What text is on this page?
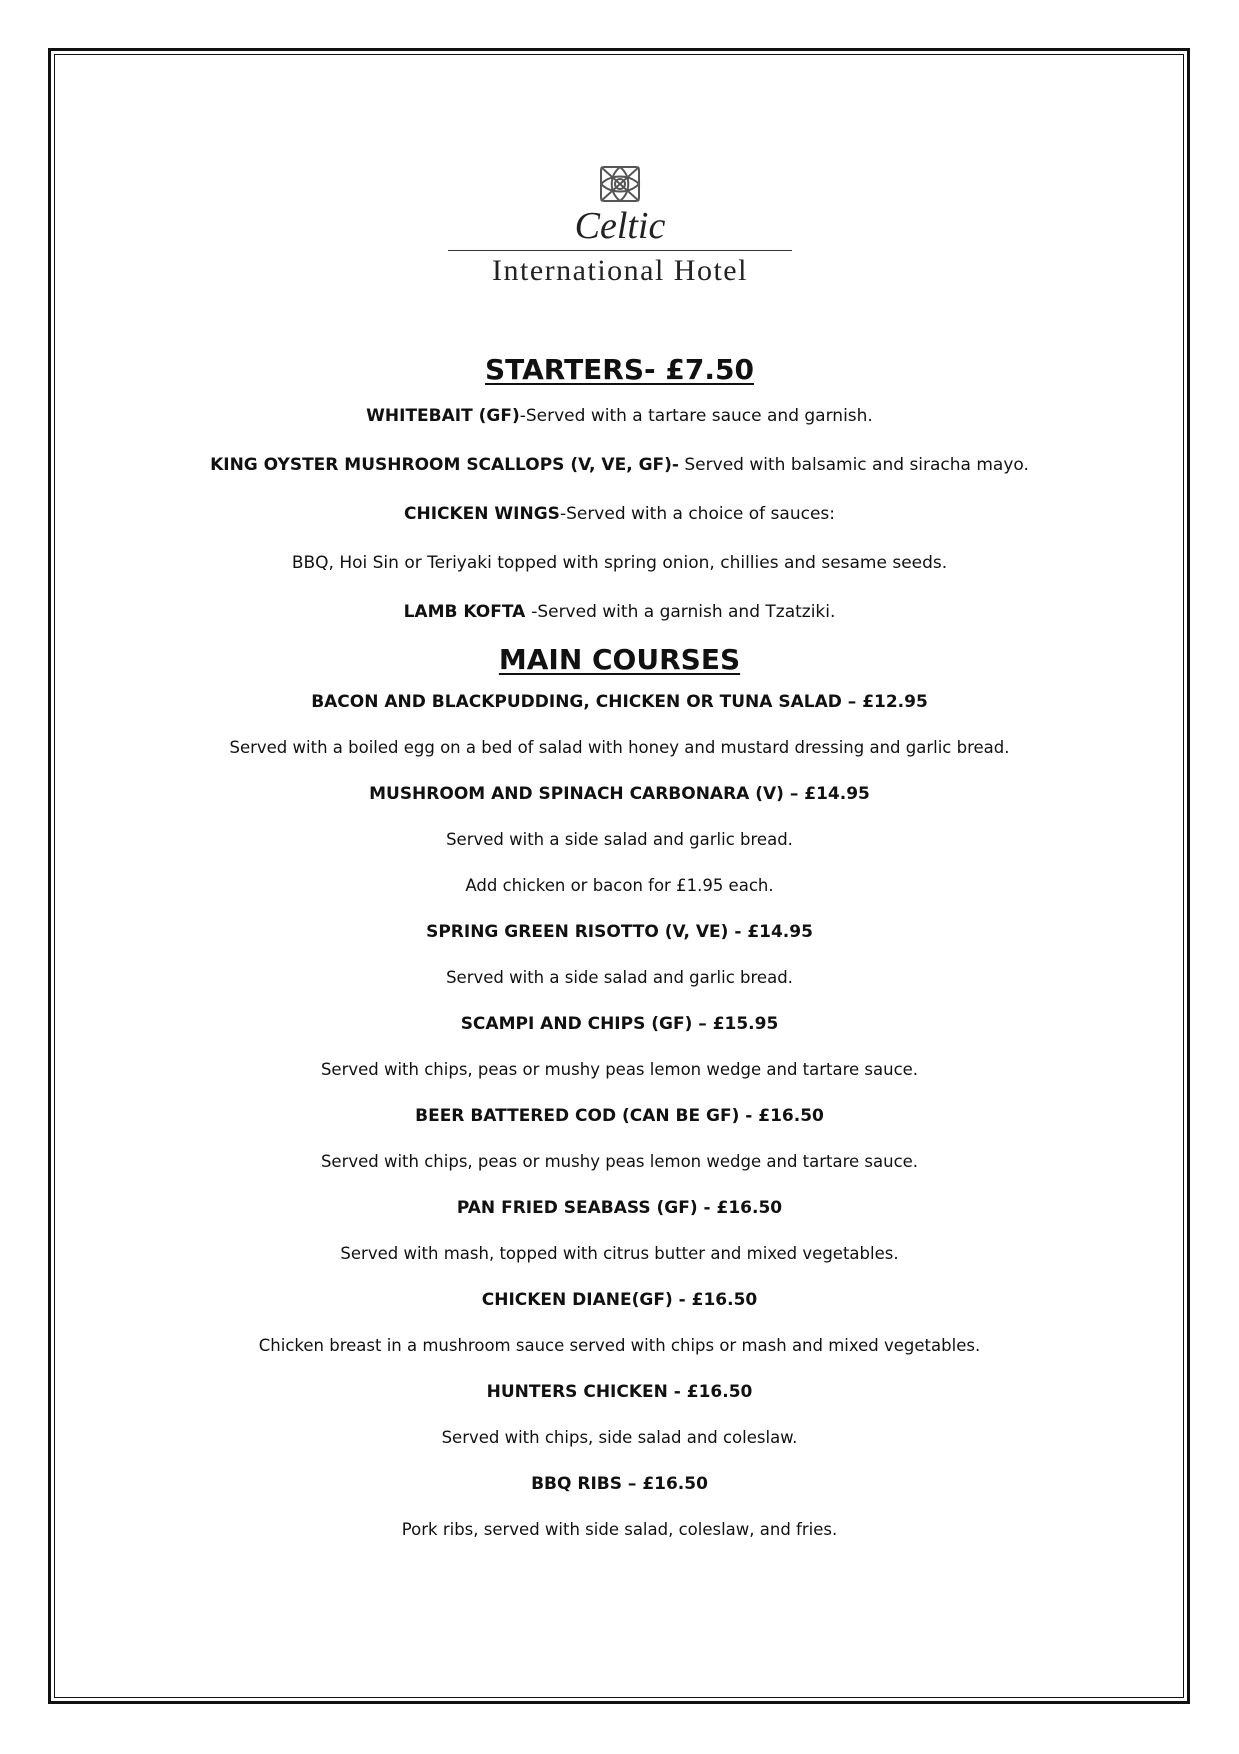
Celtic
International Hotel
STARTERS- £7.50

WHITEBAIT (GF)-Served with a tartare sauce and garnish.

KING OYSTER MUSHROOM SCALLOPS (V, VE, GF)- Served with balsamic and siracha mayo.

CHICKEN WINGS-Served with a choice of sauces:

BBQ, Hoi Sin or Teriyaki topped with spring onion, chillies and sesame seeds.

LAMB KOFTA -Served with a garnish and Tzatziki.

MAIN COURSES

BACON AND BLACKPUDDING, CHICKEN OR TUNA SALAD – £12.95

Served with a boiled egg on a bed of salad with honey and mustard dressing and garlic bread.

MUSHROOM AND SPINACH CARBONARA (V) – £14.95

Served with a side salad and garlic bread.

Add chicken or bacon for £1.95 each.

SPRING GREEN RISOTTO (V, VE) - £14.95

Served with a side salad and garlic bread.

SCAMPI AND CHIPS (GF) – £15.95

Served with chips, peas or mushy peas lemon wedge and tartare sauce.

BEER BATTERED COD (CAN BE GF) - £16.50

Served with chips, peas or mushy peas lemon wedge and tartare sauce.

PAN FRIED SEABASS (GF) - £16.50

Served with mash, topped with citrus butter and mixed vegetables.

CHICKEN DIANE(GF) - £16.50

Chicken breast in a mushroom sauce served with chips or mash and mixed vegetables.

HUNTERS CHICKEN - £16.50

Served with chips, side salad and coleslaw.

BBQ RIBS – £16.50

Pork ribs, served with side salad, coleslaw, and fries.
